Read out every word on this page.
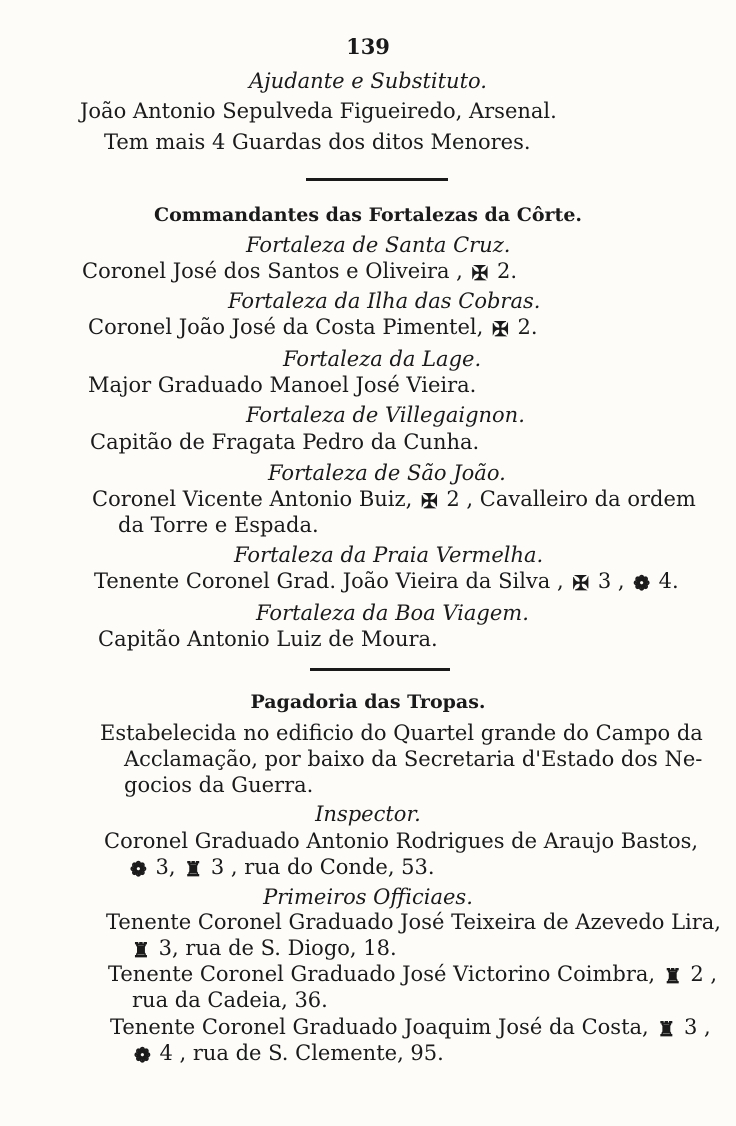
139
Ajudante e Substituto.
João Antonio Sepulveda Figueiredo, Arsenal.
Tem mais 4 Guardas dos ditos Menores.
Commandantes das Fortalezas da Côrte.
Fortaleza de Santa Cruz.
Coronel José dos Santos e Oliveira , ✠ 2.
Fortaleza da Ilha das Cobras.
Coronel João José da Costa Pimentel, ✠ 2.
Fortaleza da Lage.
Major Graduado Manoel José Vieira.
Fortaleza de Villegaignon.
Capitão de Fragata Pedro da Cunha.
Fortaleza de São João.
Coronel Vicente Antonio Buiz, ✠ 2 , Cavalleiro da ordem
da Torre e Espada.
Fortaleza da Praia Vermelha.
Tenente Coronel Grad. João Vieira da Silva , ✠ 3 , ❁ 4.
Fortaleza da Boa Viagem.
Capitão Antonio Luiz de Moura.
Pagadoria das Tropas.
Estabelecida no edificio do Quartel grande do Campo da
Acclamação, por baixo da Secretaria d'Estado dos Ne-
gocios da Guerra.
Inspector.
Coronel Graduado Antonio Rodrigues de Araujo Bastos,
❁ 3, ♜ 3 , rua do Conde, 53.
Primeiros Officiaes.
Tenente Coronel Graduado José Teixeira de Azevedo Lira,
♜ 3, rua de S. Diogo, 18.
Tenente Coronel Graduado José Victorino Coimbra, ♜ 2 ,
rua da Cadeia, 36.
Tenente Coronel Graduado Joaquim José da Costa, ♜ 3 ,
❁ 4 , rua de S. Clemente, 95.
